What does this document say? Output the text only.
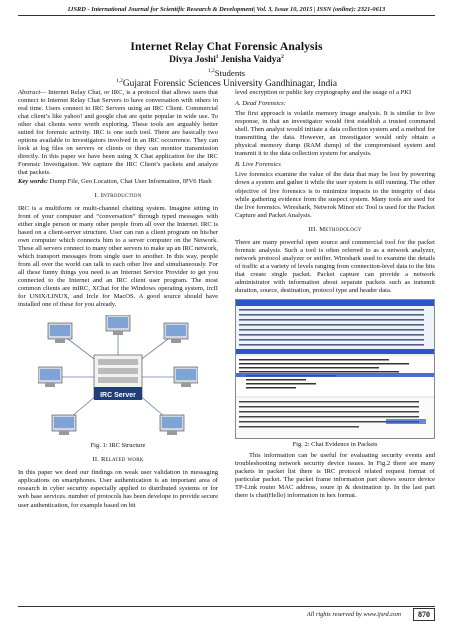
IJSRD - International Journal for Scientific Research & Development| Vol. 3, Issue 10, 2015 | ISSN (online): 2321-0613
Internet Relay Chat Forensic Analysis
Divya Joshi$^1$ Jenisha Vaidya$^2$
$^{1,2}$Students
$^{1,2}$Gujarat Forensic Sciences University Gandhinagar, India

Abstract— Internet Relay Chat, or IRC, is a protocol that allows users that connect to Internet Relay Chat Servers to have conversation with others in real time. Users connect to IRC Servers using an IRC Client. Commercial chat client’s like yahoo! and google chat are quite popular in wide use. To other chat clients were worth exploring. These tools are arguably better suited for forensic activity. IRC is one such tool. There are basically two options available to investigators involved in an IRC occurrence. They can look at log files on servers or clients or they can monitor transmission directly. In this paper we have been using X Chat application for the IRC Forensic Investigation. We capture the IRC Client’s packets and analyze that packets.

Key words: Dump File, Geo Location, Chat User Information, IPV6 Hash

I. Introduction

IRC is a multiform or multi-channel chatting system. Imagine sitting in front of your computer and “conversation” through typed messages with either single person or many other people from all over the Internet. IRC is based on a client-server structure. User can run a client program on his/her own computer which connects him to a server computer on the Network. These all servers connect to many other servers to make up an IRC network, which transport messages from single user to another. In this way, people from all over the world can talk to each other live and simultaneously. For all these funny things you need is an Internet Service Provider to get you connected to the Internet and an IRC client user program. The most common clients are mIRC, XChat for the Windows operating system, ircII for UNIX/LINUX, and Ircle for MacOS. A good source should have installed one of these for you already.

IRC Server
Fig. 1: IRC Structure
II. Related work

In this paper we deed our findings on weak user validation in messaging applications on smartphones. User authentication is an important area of research in cyber security especially applied to distributed systems or for web base services. number of protocols has been develope to provide secure user authentication, for example based on bit

level encryption or public key cryptography and the usage of a PKI

A. Dead Forensics:

The first approach is volatile memory image analysis. It is similar to live response, in that an investigator would first establish a trusted command shell. Then analyst would initiate a data collection system and a method for transmitting the data. However, an investigator would only obtain a physical memory dump (RAM dump) of the compromised system and transmit it to the data collection system for analysis.

B. Live Forensics

Live forensics examine the value of the data that may be lost by powering down a system and gather it while the user system is still running. The other objective of live forensics is to minimize impacts to the integrity of data while gathering evidence from the suspect system. Many tools are used for the live forensics. Wireshark, Netwrok Minor etc Tool is used for the Packet Capture and Packet Analysis.

III. Methodology

There are many powerful open source and commercial tool for the packet forensic analysis. Such a tool is often referred to as a network analyzer, network protocol analyzer or sniffer. Wireshark used to examine the details of traffic at a variety of levels ranging from connection-level data to the bits that create single packet. Packet capture can provide a network administrator with information about separate packets such as transmit duration, source, destination, protocol type and header data.

Fig. 2: Chat Evidence in Packets

This information can be useful for evaluating security events and troubleshooting network security device issues. In Fig.2 there are many packets in packet list there is IRC protocol related request format of particular packet. The packet frame information part shows source device TP-Link router MAC address, soure ip & destination ip. In the last part there is chat(Hello) information in hex format.

All rights reserved by www.ijsrd.com	870
